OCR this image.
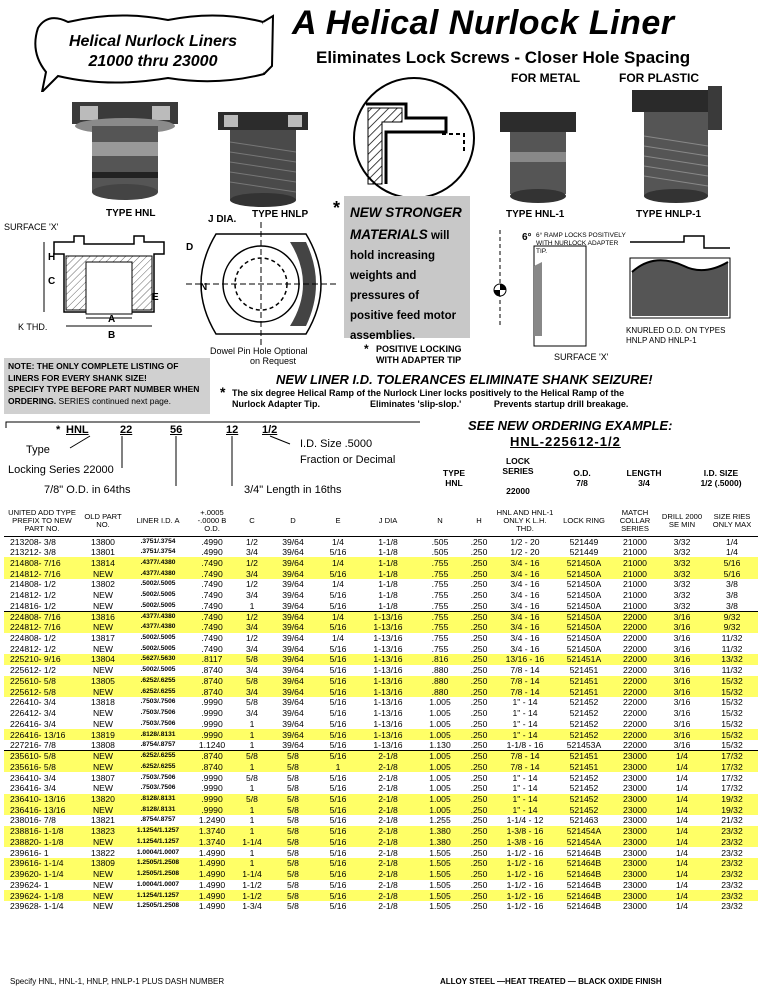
Helical Nurlock Liners
21000 thru 23000
A Helical Nurlock Liner
Eliminates Lock Screws - Closer Hole Spacing
FOR METAL	FOR PLASTIC
TYPE HNL	TYPE HNLP	TYPE HNL-1	TYPE HNLP-1
* NEW STRONGER
MATERIALS will
hold increasing weights and pressures of positive feed motor assemblies.
SURFACE 'X'
H
C
E
A
B
K THD.
J DIA.
D
N
Dowel Pin Hole Optional
on Request
* POSITIVE LOCKING
WITH ADAPTER TIP
6° 6° RAMP LOCKS POSITIVELY WITH NURLOCK ADAPTER TIP.
SURFACE 'X'
KNURLED O.D. ON TYPES
HNLP AND HNLP-1
NOTE: THE ONLY COMPLETE LISTING OF
LINERS FOR EVERY SHANK SIZE!
SPECIFY TYPE BEFORE PART NUMBER WHEN
ORDERING. SERIES continued next page.
NEW LINER I.D. TOLERANCES ELIMINATE SHANK SEIZURE!
* The six degree Helical Ramp of the Nurlock Liner locks positively to the Helical Ramp of the
Nurlock Adapter Tip.                    Eliminates 'slip-slop.'             Prevents startup drill breakage.
* HNL	22	56	12 1/2
Type
Locking Series 22000
7/8" O.D. in 64ths	3/4" Length in 16ths
I.D. Size .5000
Fraction or Decimal
SEE NEW ORDERING EXAMPLE:
HNL-225612-1/2
TYPE
HNL
LOCK SERIES
22000
O.D.
7/8
LENGTH
3/4
I.D. SIZE
1/2 (.5000)
UNITED ADD TYPE PREFIX TO NEW PART NO.	OLD PART NO.	LINER I.D. A	+.0005 -.0000 B O.D.	C	D	E	J DIA	N	H	HNL AND HNL-1 ONLY K L.H. THD.	LOCK RING	MATCH COLLAR SERIES	DRILL 2000 SE MIN	SIZE RIES ONLY MAX
213208- 3/8	13800	.3751/.3754	.4990	1/2	39/64	1/4	1-1/8	.505	.250	1/2 - 20	521449	21000	3/32	1/4
213212- 3/8	13801	.3751/.3754	.4990	3/4	39/64	5/16	1-1/8	.505	.250	1/2 - 20	521449	21000	3/32	1/4
214808- 7/16	13814	.4377/.4380	.7490	1/2	39/64	1/4	1-1/8	.755	.250	3/4 - 16	521450A	21000	3/32	5/16
214812- 7/16	NEW	.4377/.4380	.7490	3/4	39/64	5/16	1-1/8	.755	.250	3/4 - 16	521450A	21000	3/32	5/16
214808- 1/2	13802	.5002/.5005	.7490	1/2	39/64	1/4	1-1/8	.755	.250	3/4 - 16	521450A	21000	3/32	3/8
214812- 1/2	NEW	.5002/.5005	.7490	3/4	39/64	5/16	1-1/8	.755	.250	3/4 - 16	521450A	21000	3/32	3/8
214816- 1/2	NEW	.5002/.5005	.7490	1	39/64	5/16	1-1/8	.755	.250	3/4 - 16	521450A	21000	3/32	3/8
224808- 7/16	13816	.4377/.4380	.7490	1/2	39/64	1/4	1-13/16	.755	.250	3/4 - 16	521450A	22000	3/16	9/32
224812- 7/16	NEW	.4377/.4380	.7490	3/4	39/64	5/16	1-13/16	.755	.250	3/4 - 16	521450A	22000	3/16	9/32
224808- 1/2	13817	.5002/.5005	.7490	1/2	39/64	1/4	1-13/16	.755	.250	3/4 - 16	521450A	22000	3/16	11/32
224812- 1/2	NEW	.5002/.5005	.7490	3/4	39/64	5/16	1-13/16	.755	.250	3/4 - 16	521450A	22000	3/16	11/32
225210- 9/16	13804	.5627/.5630	.8117	5/8	39/64	5/16	1-13/16	.816	.250	13/16 - 16	521451A	22000	3/16	13/32
225612- 1/2	NEW	.5002/.5005	.8740	3/4	39/64	5/16	1-13/16	.880	.250	7/8 - 14	521451	22000	3/16	11/32
225610- 5/8	13805	.6252/.6255	.8740	5/8	39/64	5/16	1-13/16	.880	.250	7/8 - 14	521451	22000	3/16	15/32
225612- 5/8	NEW	.6252/.6255	.8740	3/4	39/64	5/16	1-13/16	.880	.250	7/8 - 14	521451	22000	3/16	15/32
226410- 3/4	13818	.7503/.7506	.9990	5/8	39/64	5/16	1-13/16	1.005	.250	1" - 14	521452	22000	3/16	15/32
226412- 3/4	NEW	.7503/.7506	.9990	3/4	39/64	5/16	1-13/16	1.005	.250	1" - 14	521452	22000	3/16	15/32
226416- 3/4	NEW	.7503/.7506	.9990	1	39/64	5/16	1-13/16	1.005	.250	1" - 14	521452	22000	3/16	15/32
226416- 13/16	13819	.8128/.8131	.9990	1	39/64	5/16	1-13/16	1.005	.250	1" - 14	521452	22000	3/16	15/32
227216- 7/8	13808	.8754/.8757	1.1240	1	39/64	5/16	1-13/16	1.130	.250	1-1/8 - 16	521453A	22000	3/16	15/32
235610- 5/8	NEW	.6252/.6255	.8740	5/8	5/8	5/16	2-1/8	1.005	.250	7/8 - 14	521451	23000	1/4	17/32
235616- 5/8	NEW	.6252/.6255	.8740	1	5/8	1	2-1/8	1.005	.250	7/8 - 14	521451	23000	1/4	17/32
236410- 3/4	13807	.7503/.7506	.9990	5/8	5/8	5/16	2-1/8	1.005	.250	1" - 14	521452	23000	1/4	17/32
236416- 3/4	NEW	.7503/.7506	.9990	1	5/8	5/16	2-1/8	1.005	.250	1" - 14	521452	23000	1/4	17/32
236410- 13/16	13820	.8128/.8131	.9990	5/8	5/8	5/16	2-1/8	1.005	.250	1" - 14	521452	23000	1/4	19/32
236416- 13/16	NEW	.8128/.8131	.9990	1	5/8	5/16	2-1/8	1.005	.250	1" - 14	521452	23000	1/4	19/32
238016- 7/8	13821	.8754/.8757	1.2490	1	5/8	5/16	2-1/8	1.255	.250	1-1/4 - 12	521463	23000	1/4	21/32
238816- 1-1/8	13823	1.1254/1.1257	1.3740	1	5/8	5/16	2-1/8	1.380	.250	1-3/8 - 16	521454A	23000	1/4	23/32
238820- 1-1/8	NEW	1.1254/1.1257	1.3740	1-1/4	5/8	5/16	2-1/8	1.380	.250	1-3/8 - 16	521454A	23000	1/4	23/32
239616- 1	13822	1.0004/1.0007	1.4990	1	5/8	5/16	2-1/8	1.505	.250	1-1/2 - 16	521464B	23000	1/4	23/32
239616- 1-1/4	13809	1.2505/1.2508	1.4990	1	5/8	5/16	2-1/8	1.505	.250	1-1/2 - 16	521464B	23000	1/4	23/32
239620- 1-1/4	NEW	1.2505/1.2508	1.4990	1-1/4	5/8	5/16	2-1/8	1.505	.250	1-1/2 - 16	521464B	23000	1/4	23/32
239624- 1	NEW	1.0004/1.0007	1.4990	1-1/2	5/8	5/16	2-1/8	1.505	.250	1-1/2 - 16	521464B	23000	1/4	23/32
239624- 1-1/8	NEW	1.1254/1.1257	1.4990	1-1/2	5/8	5/16	2-1/8	1.505	.250	1-1/2 - 16	521464B	23000	1/4	23/32
239628- 1-1/4	NEW	1.2505/1.2508	1.4990	1-3/4	5/8	5/16	2-1/8	1.505	.250	1-1/2 - 16	521464B	23000	1/4	23/32
Specify HNL, HNL-1, HNLP, HNLP-1 PLUS DASH NUMBER	ALLOY STEEL —HEAT TREATED — BLACK OXIDE FINISH
